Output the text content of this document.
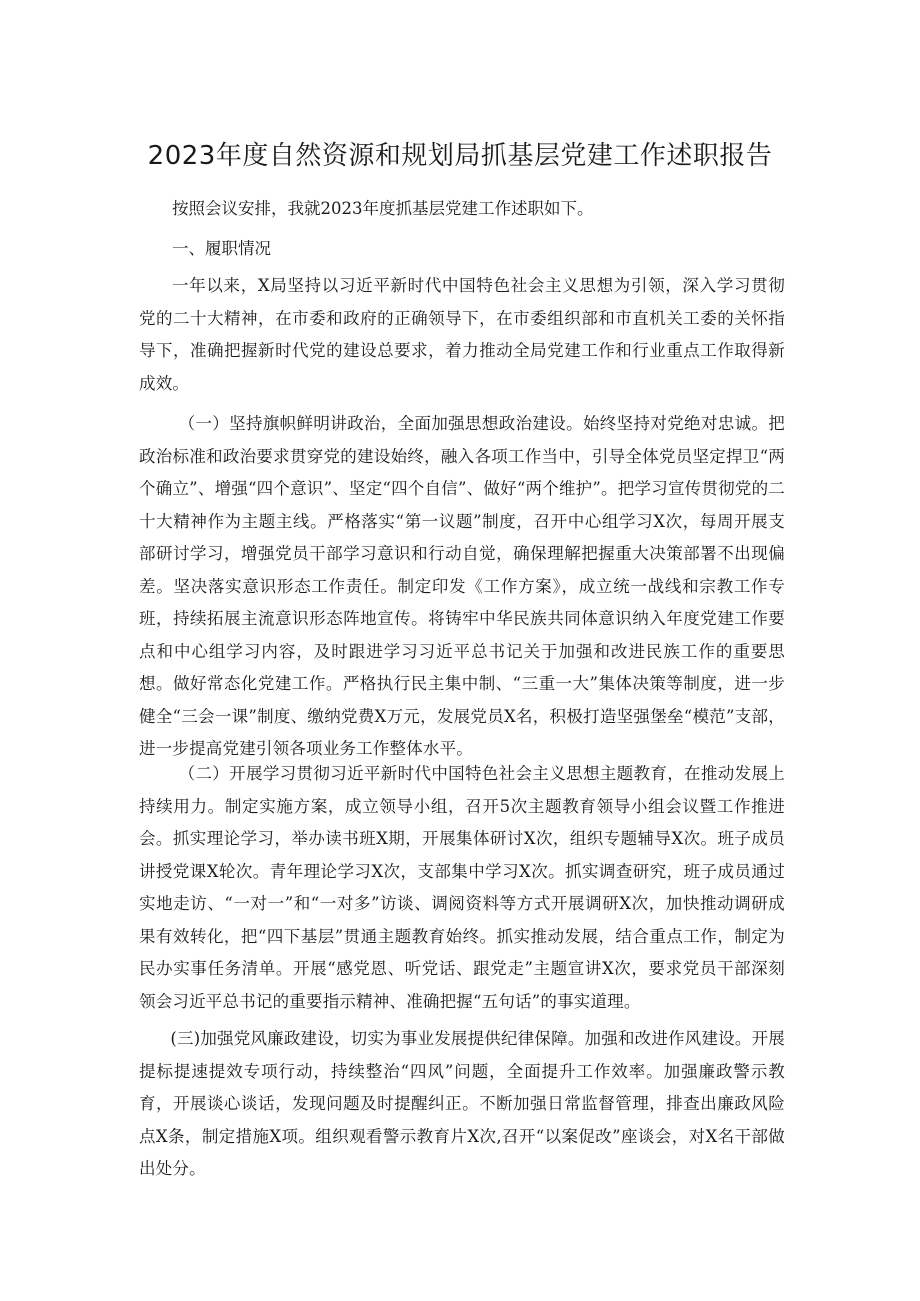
2023年度自然资源和规划局抓基层党建工作述职报告

按照会议安排，我就2023年度抓基层党建工作述职如下。

一、履职情况

一年以来，X局坚持以习近平新时代中国特色社会主义思想为引领，深入学习贯彻党的二十大精神，在市委和政府的正确领导下，在市委组织部和市直机关工委的关怀指导下，准确把握新时代党的建设总要求，着力推动全局党建工作和行业重点工作取得新成效。

（一）坚持旗帜鲜明讲政治，全面加强思想政治建设。始终坚持对党绝对忠诚。把政治标准和政治要求贯穿党的建设始终，融入各项工作当中，引导全体党员坚定捍卫“两个确立”、增强“四个意识”、坚定“四个自信”、做好“两个维护”。把学习宣传贯彻党的二十大精神作为主题主线。严格落实“第一议题”制度，召开中心组学习X次，每周开展支部研讨学习，增强党员干部学习意识和行动自觉，确保理解把握重大决策部署不出现偏差。坚决落实意识形态工作责任。制定印发《工作方案》，成立统一战线和宗教工作专班，持续拓展主流意识形态阵地宣传。将铸牢中华民族共同体意识纳入年度党建工作要点和中心组学习内容，及时跟进学习习近平总书记关于加强和改进民族工作的重要思想。做好常态化党建工作。严格执行民主集中制、“三重一大”集体决策等制度，进一步健全“三会一课”制度、缴纳党费X万元，发展党员X名，积极打造坚强堡垒“模范”支部，进一步提高党建引领各项业务工作整体水平。

（二）开展学习贯彻习近平新时代中国特色社会主义思想主题教育，在推动发展上持续用力。制定实施方案，成立领导小组，召开5次主题教育领导小组会议暨工作推进会。抓实理论学习，举办读书班X期，开展集体研讨X次，组织专题辅导X次。班子成员讲授党课X轮次。青年理论学习X次，支部集中学习X次。抓实调查研究，班子成员通过实地走访、“一对一”和“一对多”访谈、调阅资料等方式开展调研X次，加快推动调研成果有效转化，把“四下基层”贯通主题教育始终。抓实推动发展，结合重点工作，制定为民办实事任务清单。开展“感党恩、听党话、跟党走”主题宣讲X次，要求党员干部深刻领会习近平总书记的重要指示精神、准确把握“五句话”的事实道理。

(三)加强党风廉政建设，切实为事业发展提供纪律保障。加强和改进作风建设。开展提标提速提效专项行动，持续整治“四风”问题，全面提升工作效率。加强廉政警示教育，开展谈心谈话，发现问题及时提醒纠正。不断加强日常监督管理，排查出廉政风险点X条，制定措施X项。组织观看警示教育片X次,召开“以案促改”座谈会，对X名干部做出处分。
